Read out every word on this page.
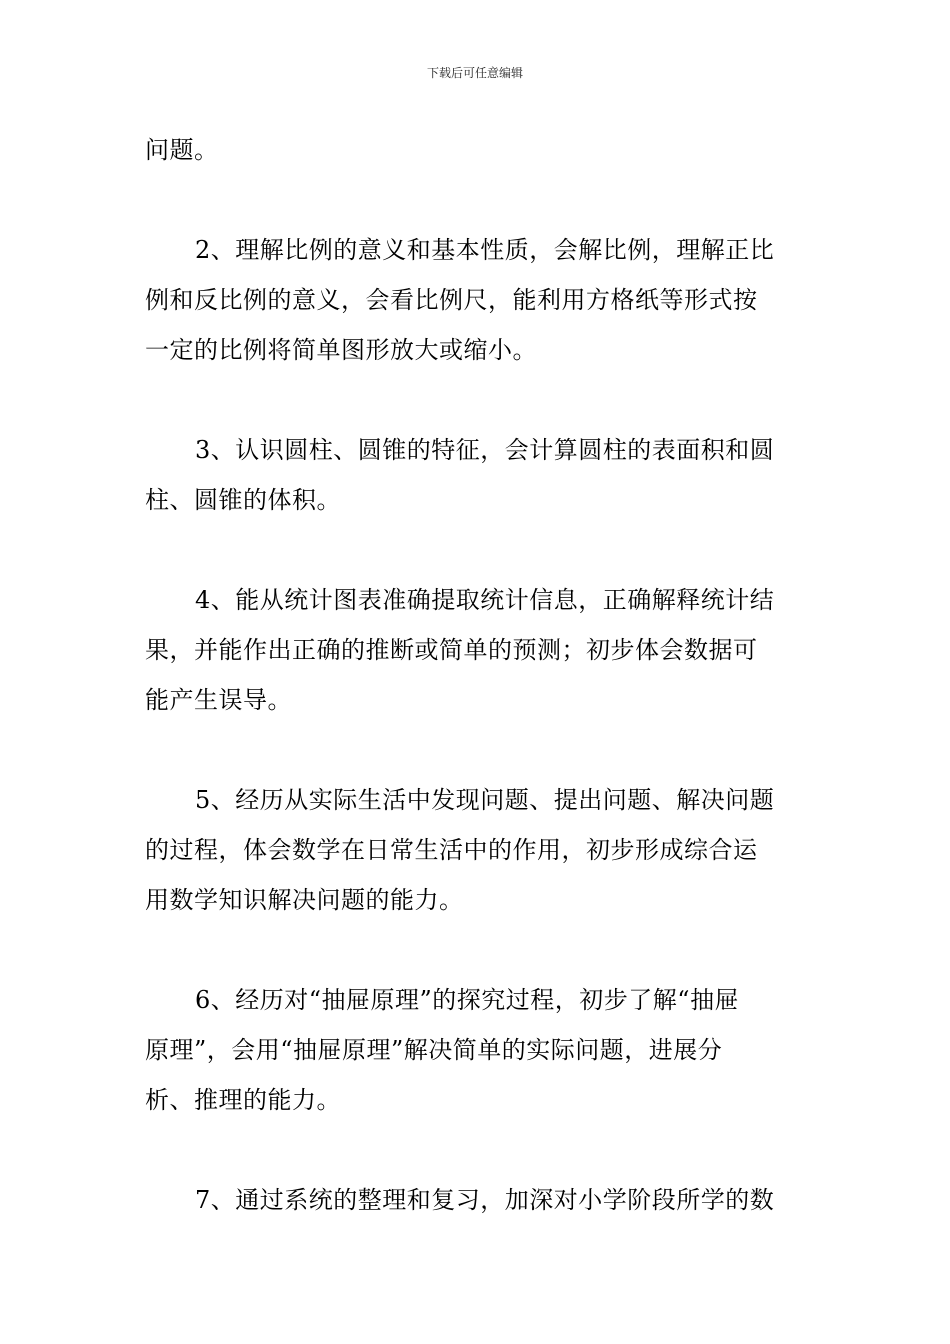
下载后可任意编辑
问题。
2、理解比例的意义和基本性质，会解比例，理解正比
例和反比例的意义，会看比例尺，能利用方格纸等形式按
一定的比例将简单图形放大或缩小。
3、认识圆柱、圆锥的特征，会计算圆柱的表面积和圆
柱、圆锥的体积。
4、能从统计图表准确提取统计信息，正确解释统计结
果，并能作出正确的推断或简单的预测；初步体会数据可
能产生误导。
5、经历从实际生活中发现问题、提出问题、解决问题
的过程，体会数学在日常生活中的作用，初步形成综合运
用数学知识解决问题的能力。
6、经历对“抽屉原理”的探究过程，初步了解“抽屉
原理”，会用“抽屉原理”解决简单的实际问题，进展分
析、推理的能力。
7、通过系统的整理和复习，加深对小学阶段所学的数
